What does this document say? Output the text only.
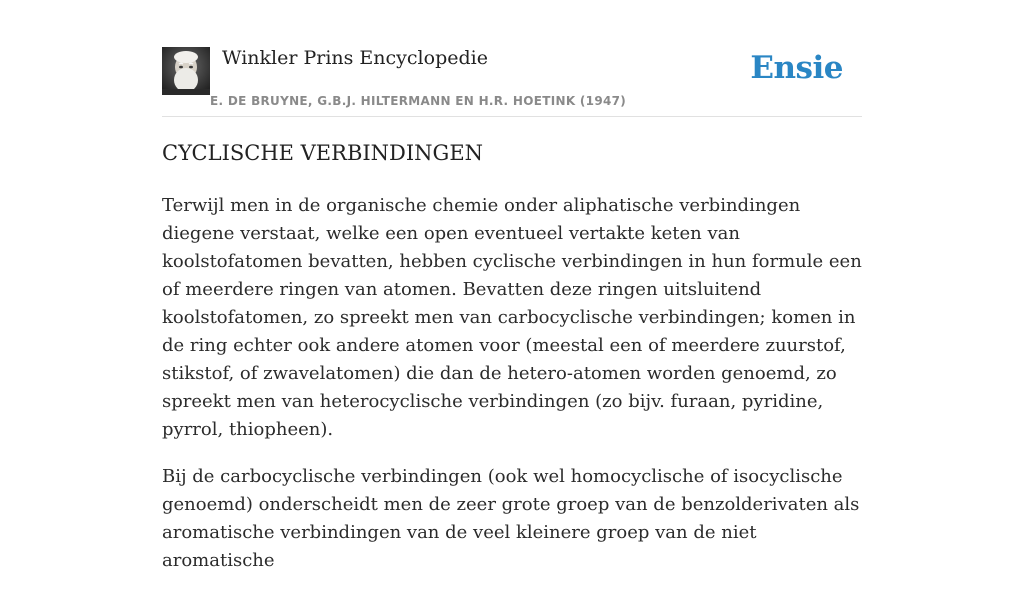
Winkler Prins Encyclopedie
E. DE BRUYNE, G.B.J. HILTERMANN EN H.R. HOETINK (1947)
Ensie
CYCLISCHE VERBINDINGEN

Terwijl men in de organische chemie onder aliphatische verbindingen diegene verstaat, welke een open eventueel vertakte keten van koolstofatomen bevatten, hebben cyclische verbindingen in hun formule een of meerdere ringen van atomen. Bevatten deze ringen uitsluitend koolstofatomen, zo spreekt men van carbocyclische verbindingen; komen in de ring echter ook andere atomen voor (meestal een of meerdere zuurstof, stikstof, of zwavelatomen) die dan de hetero-atomen worden genoemd, zo spreekt men van heterocyclische verbindingen (zo bijv. furaan, pyridine, pyrrol, thiopheen).

Bij de carbocyclische verbindingen (ook wel homocyclische of isocyclische genoemd) onderscheidt men de zeer grote groep van de benzolderivaten als aromatische verbindingen van de veel kleinere groep van de niet aromatische
